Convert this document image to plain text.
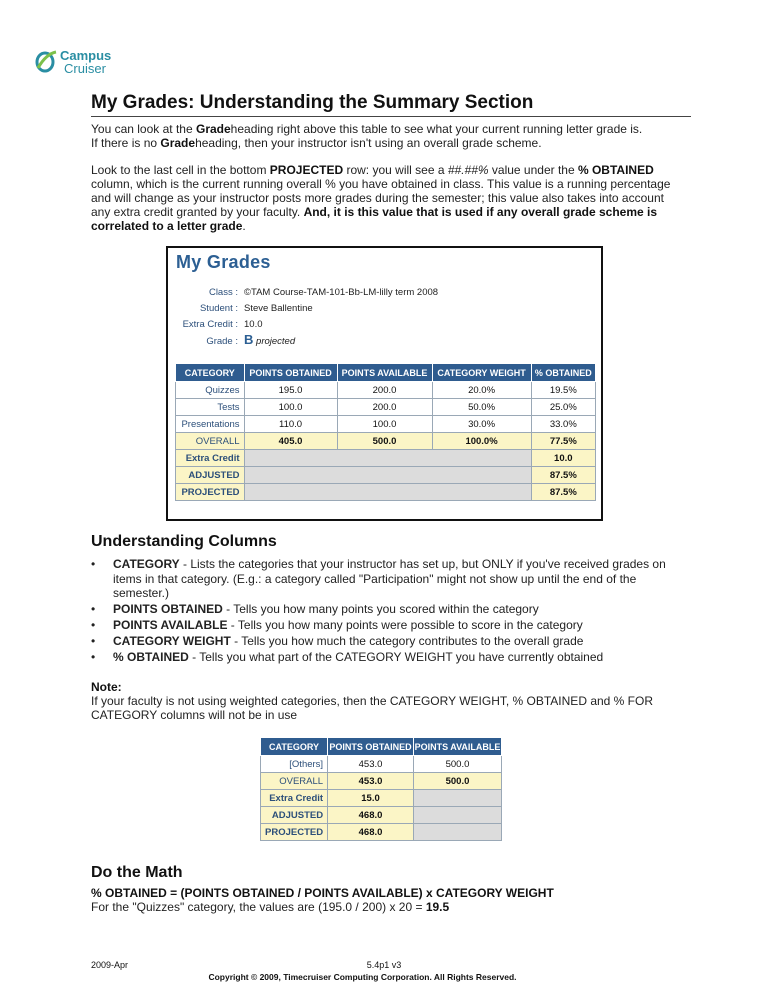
Campus
Cruiser
My Grades: Understanding the Summary Section
You can look at the Gradeheading right above this table to see what your current running letter grade is.
If there is no Gradeheading, then your instructor isn't using an overall grade scheme.
Look to the last cell in the bottom PROJECTED row: you will see a ##.##% value under the % OBTAINED column, which is the current running overall % you have obtained in class. This value is a running percentage and will change as your instructor posts more grades during the semester; this value also takes into account any extra credit granted by your faculty. And, it is this value that is used if any overall grade scheme is correlated to a letter grade.
My Grades
Class : ©TAM Course-TAM-101-Bb-LM-lilly term 2008
Student : Steve Ballentine
Extra Credit : 10.0
Grade : B projected
CATEGORY	POINTS OBTAINED	POINTS AVAILABLE	CATEGORY WEIGHT	% OBTAINED
Quizzes	195.0	200.0	20.0%	19.5%
Tests	100.0	200.0	50.0%	25.0%
Presentations	110.0	100.0	30.0%	33.0%
OVERALL	405.0	500.0	100.0%	77.5%
Extra Credit				10.0
ADJUSTED				87.5%
PROJECTED				87.5%
Understanding Columns
• CATEGORY - Lists the categories that your instructor has set up, but ONLY if you've received grades on items in that category. (E.g.: a category called "Participation" might not show up until the end of the semester.)
• POINTS OBTAINED - Tells you how many points you scored within the category
• POINTS AVAILABLE - Tells you how many points were possible to score in the category
• CATEGORY WEIGHT - Tells you how much the category contributes to the overall grade
• % OBTAINED - Tells you what part of the CATEGORY WEIGHT you have currently obtained
Note:
If your faculty is not using weighted categories, then the CATEGORY WEIGHT, % OBTAINED and % FOR CATEGORY columns will not be in use
CATEGORY	POINTS OBTAINED	POINTS AVAILABLE
[Others]	453.0	500.0
OVERALL	453.0	500.0
Extra Credit	15.0	
ADJUSTED	468.0	
PROJECTED	468.0	
Do the Math
% OBTAINED = (POINTS OBTAINED / POINTS AVAILABLE) x CATEGORY WEIGHT
For the "Quizzes" category, the values are (195.0 / 200) x 20 = 19.5
2009-Apr	5.4p1 v3
Copyright © 2009, Timecruiser Computing Corporation. All Rights Reserved.
